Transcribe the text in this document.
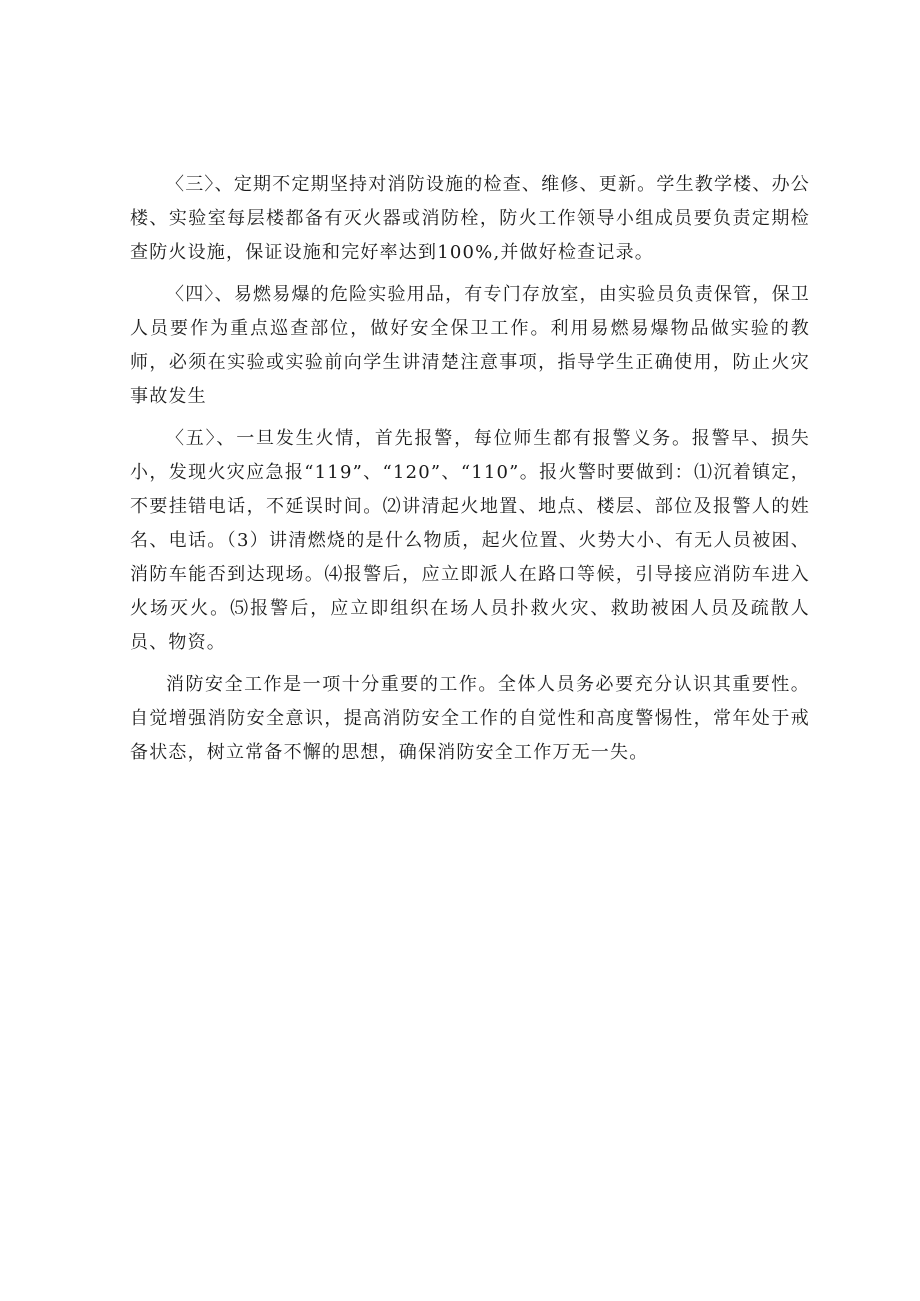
〈三〉、定期不定期坚持对消防设施的检查、维修、更新。学生教学楼、办公楼、实验室每层楼都备有灭火器或消防栓，防火工作领导小组成员要负责定期检查防火设施，保证设施和完好率达到100%,并做好检查记录。

〈四〉、易燃易爆的危险实验用品，有专门存放室，由实验员负责保管，保卫人员要作为重点巡查部位，做好安全保卫工作。利用易燃易爆物品做实验的教师，必须在实验或实验前向学生讲清楚注意事项，指导学生正确使用，防止火灾事故发生

〈五〉、一旦发生火情，首先报警，每位师生都有报警义务。报警早、损失小，发现火灾应急报“119”、“120”、“110”。报火警时要做到：⑴沉着镇定，不要挂错电话，不延误时间。⑵讲清起火地置、地点、楼层、部位及报警人的姓名、电话。（3）讲清燃烧的是什么物质，起火位置、火势大小、有无人员被困、消防车能否到达现场。⑷报警后，应立即派人在路口等候，引导接应消防车进入火场灭火。⑸报警后，应立即组织在场人员扑救火灾、救助被困人员及疏散人员、物资。

消防安全工作是一项十分重要的工作。全体人员务必要充分认识其重要性。自觉增强消防安全意识，提高消防安全工作的自觉性和高度警惕性，常年处于戒备状态，树立常备不懈的思想，确保消防安全工作万无一失。
